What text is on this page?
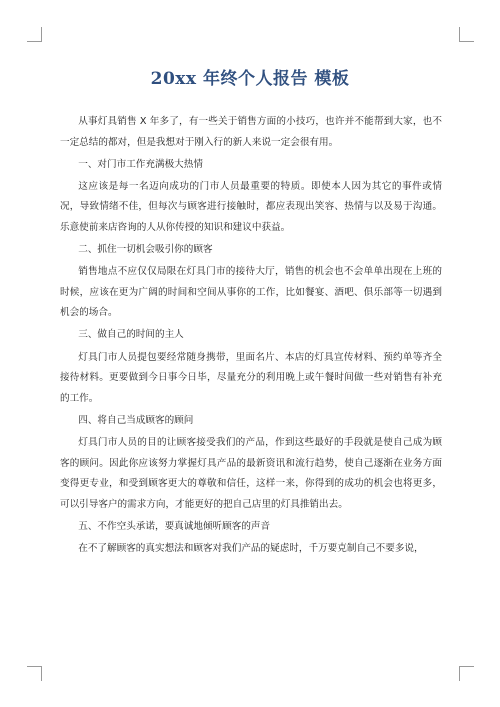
20xx 年终个人报告 模板

从事灯具销售 X 年多了，有一些关于销售方面的小技巧，也许并不能帮到大家，也不一定总结的都对，但是我想对于刚入行的新人来说一定会很有用。

一、对门市工作充满极大热情

这应该是每一名迈向成功的门市人员最重要的特质。即使本人因为其它的事件或情况，导致情绪不佳，但每次与顾客进行接触时，都应表现出笑容、热情与以及易于沟通。乐意使前来店咨询的人从你传授的知识和建议中获益。

二、抓住一切机会吸引你的顾客

销售地点不应仅仅局限在灯具门市的接待大厅，销售的机会也不会单单出现在上班的时候，应该在更为广阔的时间和空间从事你的工作，比如餐宴、酒吧、俱乐部等一切遇到机会的场合。

三、做自己的时间的主人

灯具门市人员提包要经常随身携带，里面名片、本店的灯具宣传材料、预约单等齐全接待材料。更要做到今日事今日毕，尽量充分的利用晚上或午餐时间做一些对销售有补充的工作。

四、将自己当成顾客的顾问

灯具门市人员的目的让顾客接受我们的产品，作到这些最好的手段就是使自己成为顾客的顾问。因此你应该努力掌握灯具产品的最新资讯和流行趋势，使自己逐渐在业务方面变得更专业，和受到顾客更大的尊敬和信任，这样一来，你得到的成功的机会也将更多，可以引导客户的需求方向，才能更好的把自己店里的灯具推销出去。

五、不作空头承诺，要真诚地倾听顾客的声音

在不了解顾客的真实想法和顾客对我们产品的疑虑时，千万要克制自己不要多说，
